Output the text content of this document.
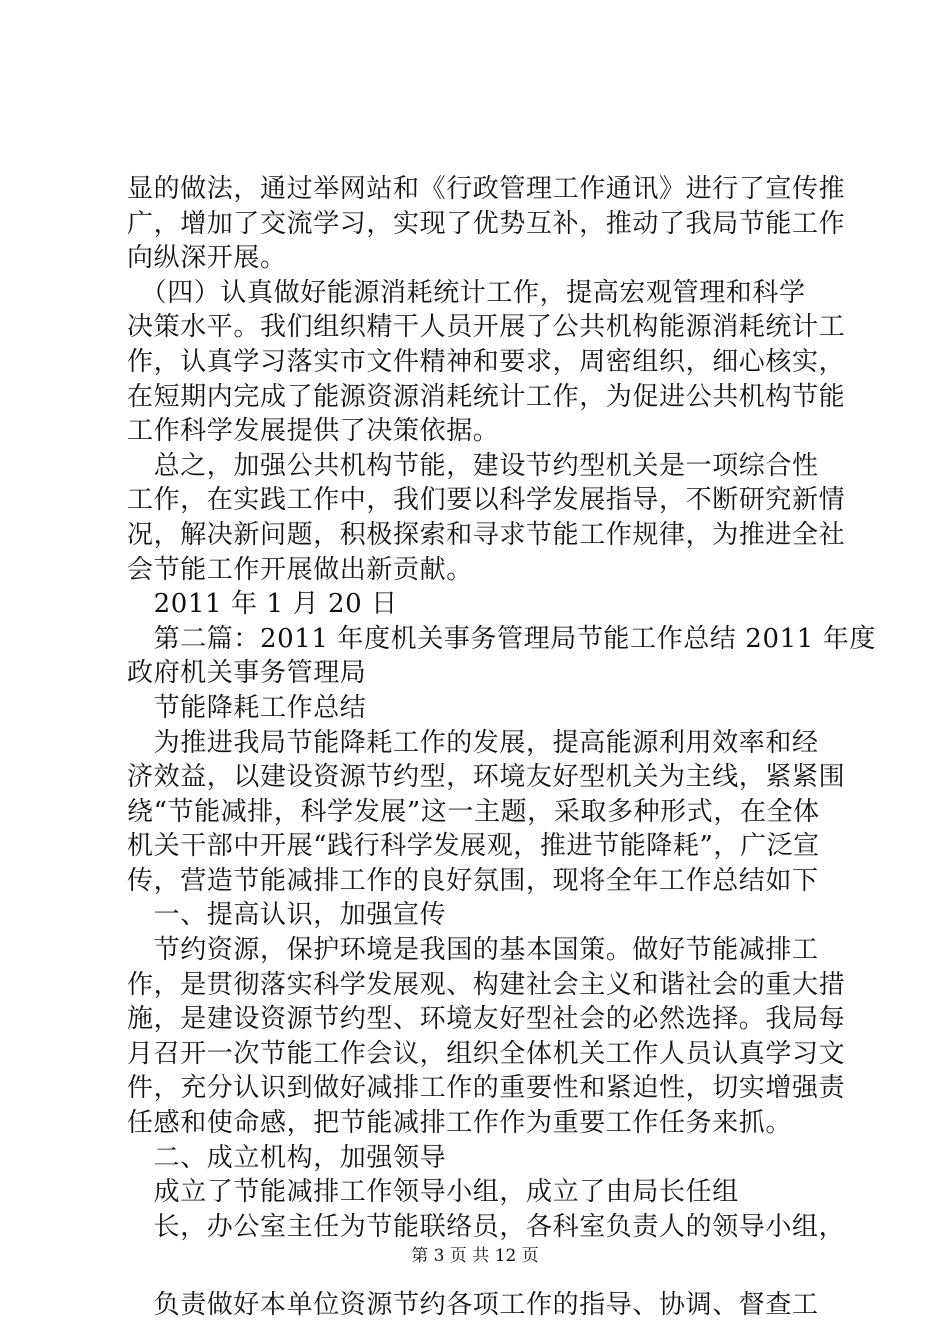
显的做法，通过举网站和《行政管理工作通讯》进行了宣传推
广，增加了交流学习，实现了优势互补，推动了我局节能工作
向纵深开展。
　（四）认真做好能源消耗统计工作，提高宏观管理和科学
决策水平。我们组织精干人员开展了公共机构能源消耗统计工
作，认真学习落实市文件精神和要求，周密组织，细心核实，
在短期内完成了能源资源消耗统计工作，为促进公共机构节能
工作科学发展提供了决策依据。
　总之，加强公共机构节能，建设节约型机关是一项综合性
工作，在实践工作中，我们要以科学发展指导，不断研究新情
况，解决新问题，积极探索和寻求节能工作规律，为推进全社
会节能工作开展做出新贡献。
　2011 年 1 月 20 日
　第二篇：2011 年度机关事务管理局节能工作总结 2011 年度
政府机关事务管理局
　节能降耗工作总结
　为推进我局节能降耗工作的发展，提高能源利用效率和经
济效益，以建设资源节约型，环境友好型机关为主线，紧紧围
绕“节能减排，科学发展”这一主题，采取多种形式，在全体
机关干部中开展“践行科学发展观，推进节能降耗”，广泛宣
传，营造节能减排工作的良好氛围，现将全年工作总结如下
　一、提高认识，加强宣传
　节约资源，保护环境是我国的基本国策。做好节能减排工
作，是贯彻落实科学发展观、构建社会主义和谐社会的重大措
施，是建设资源节约型、环境友好型社会的必然选择。我局每
月召开一次节能工作会议，组织全体机关工作人员认真学习文
件，充分认识到做好减排工作的重要性和紧迫性，切实增强责
任感和使命感，把节能减排工作作为重要工作任务来抓。
　二、成立机构，加强领导
　成立了节能减排工作领导小组，成立了由局长任组
　长，办公室主任为节能联络员，各科室负责人的领导小组，
　负责做好本单位资源节约各项工作的指导、协调、督查工
第 3 页 共 12 页
